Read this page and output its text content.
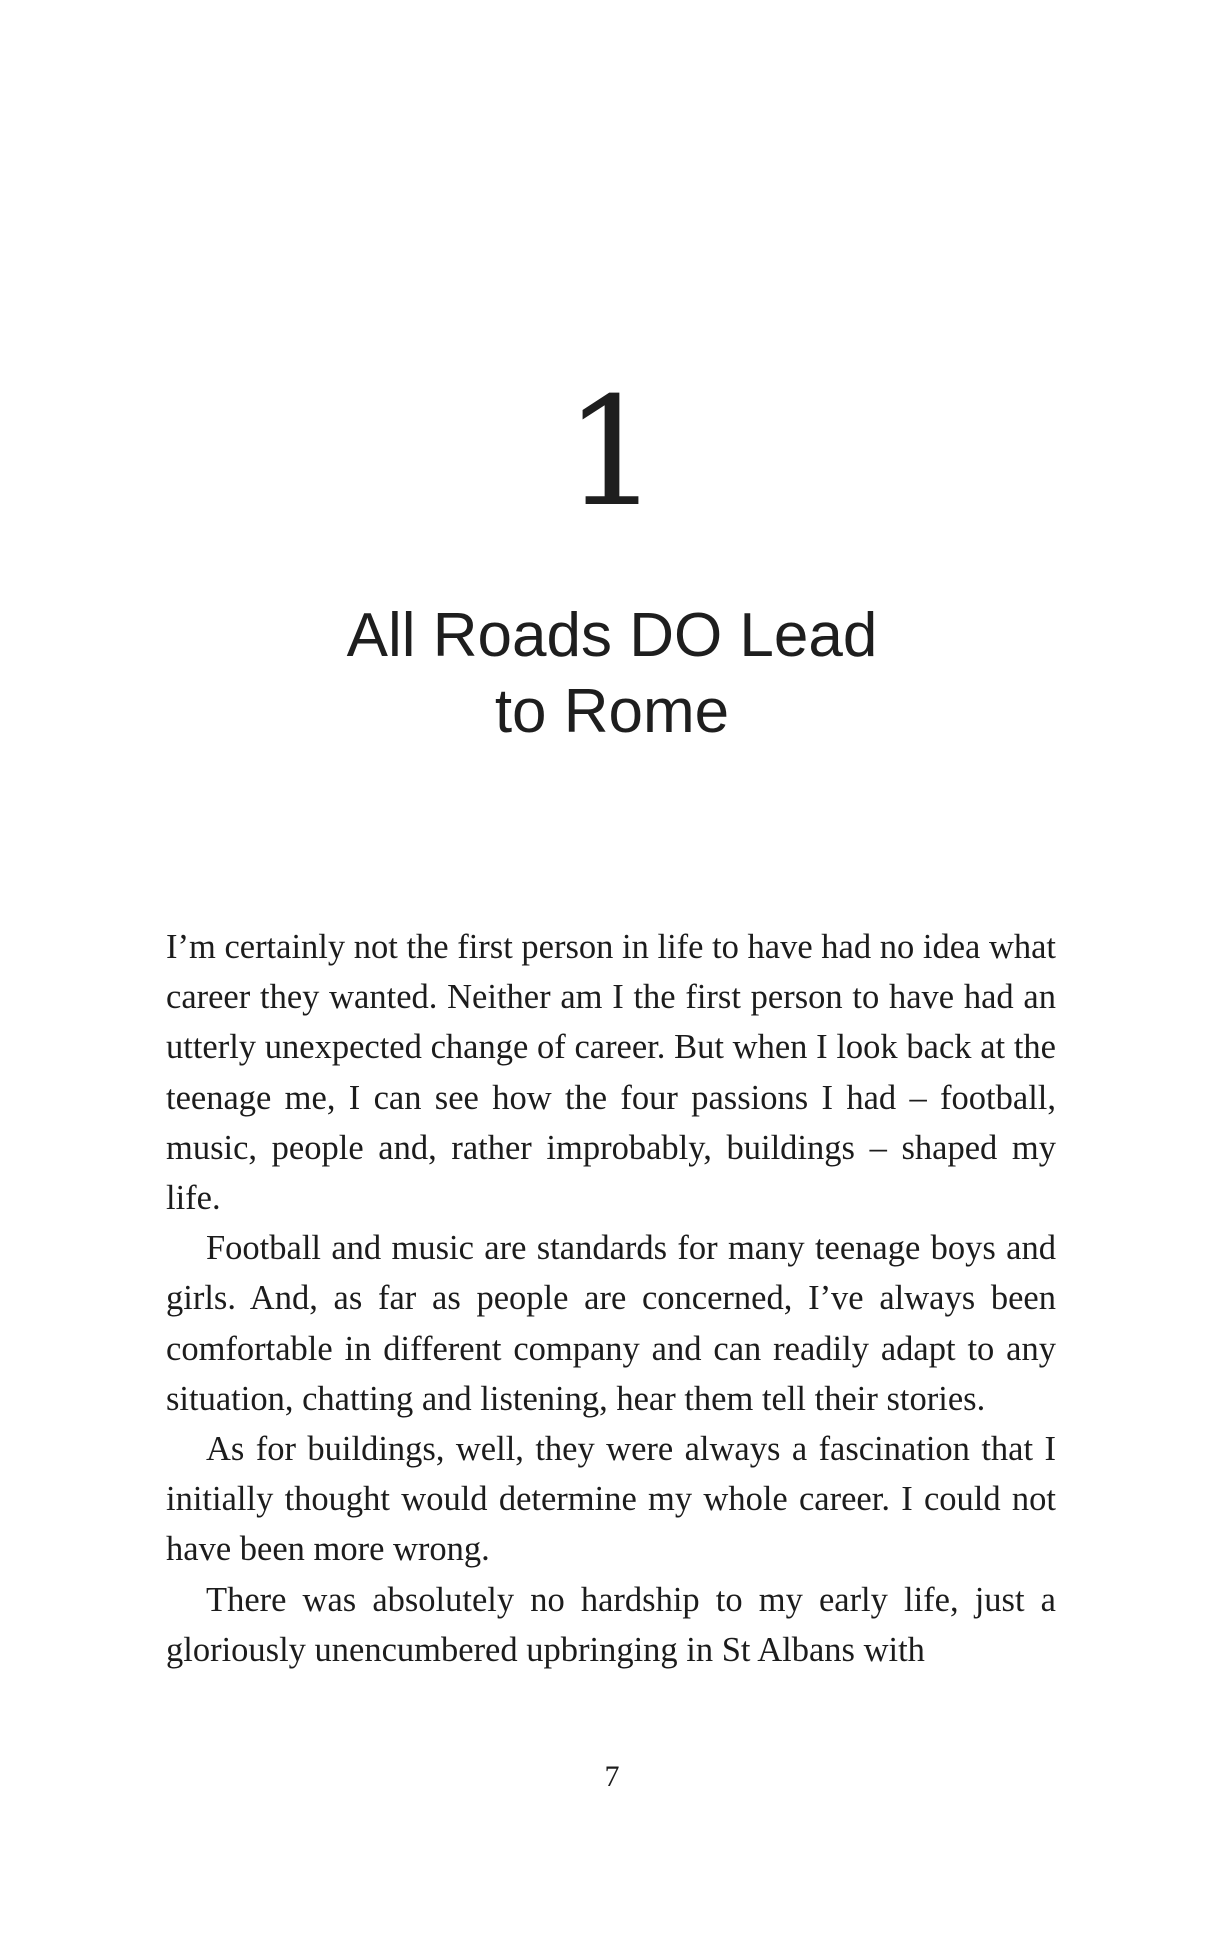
1
All Roads DO Lead
to Rome

I’m certainly not the first person in life to have had no idea what career they wanted. Neither am I the first person to have had an utterly unexpected change of career. But when I look back at the teenage me, I can see how the four passions I had – football, music, people and, rather improbably, buildings – shaped my life.

Football and music are standards for many teenage boys and girls. And, as far as people are concerned, I’ve always been comfortable in different company and can readily adapt to any situation, chatting and listening, hear them tell their stories.

As for buildings, well, they were always a fascination that I initially thought would determine my whole career. I could not have been more wrong.

There was absolutely no hardship to my early life, just a gloriously unencumbered upbringing in St Albans with

7
